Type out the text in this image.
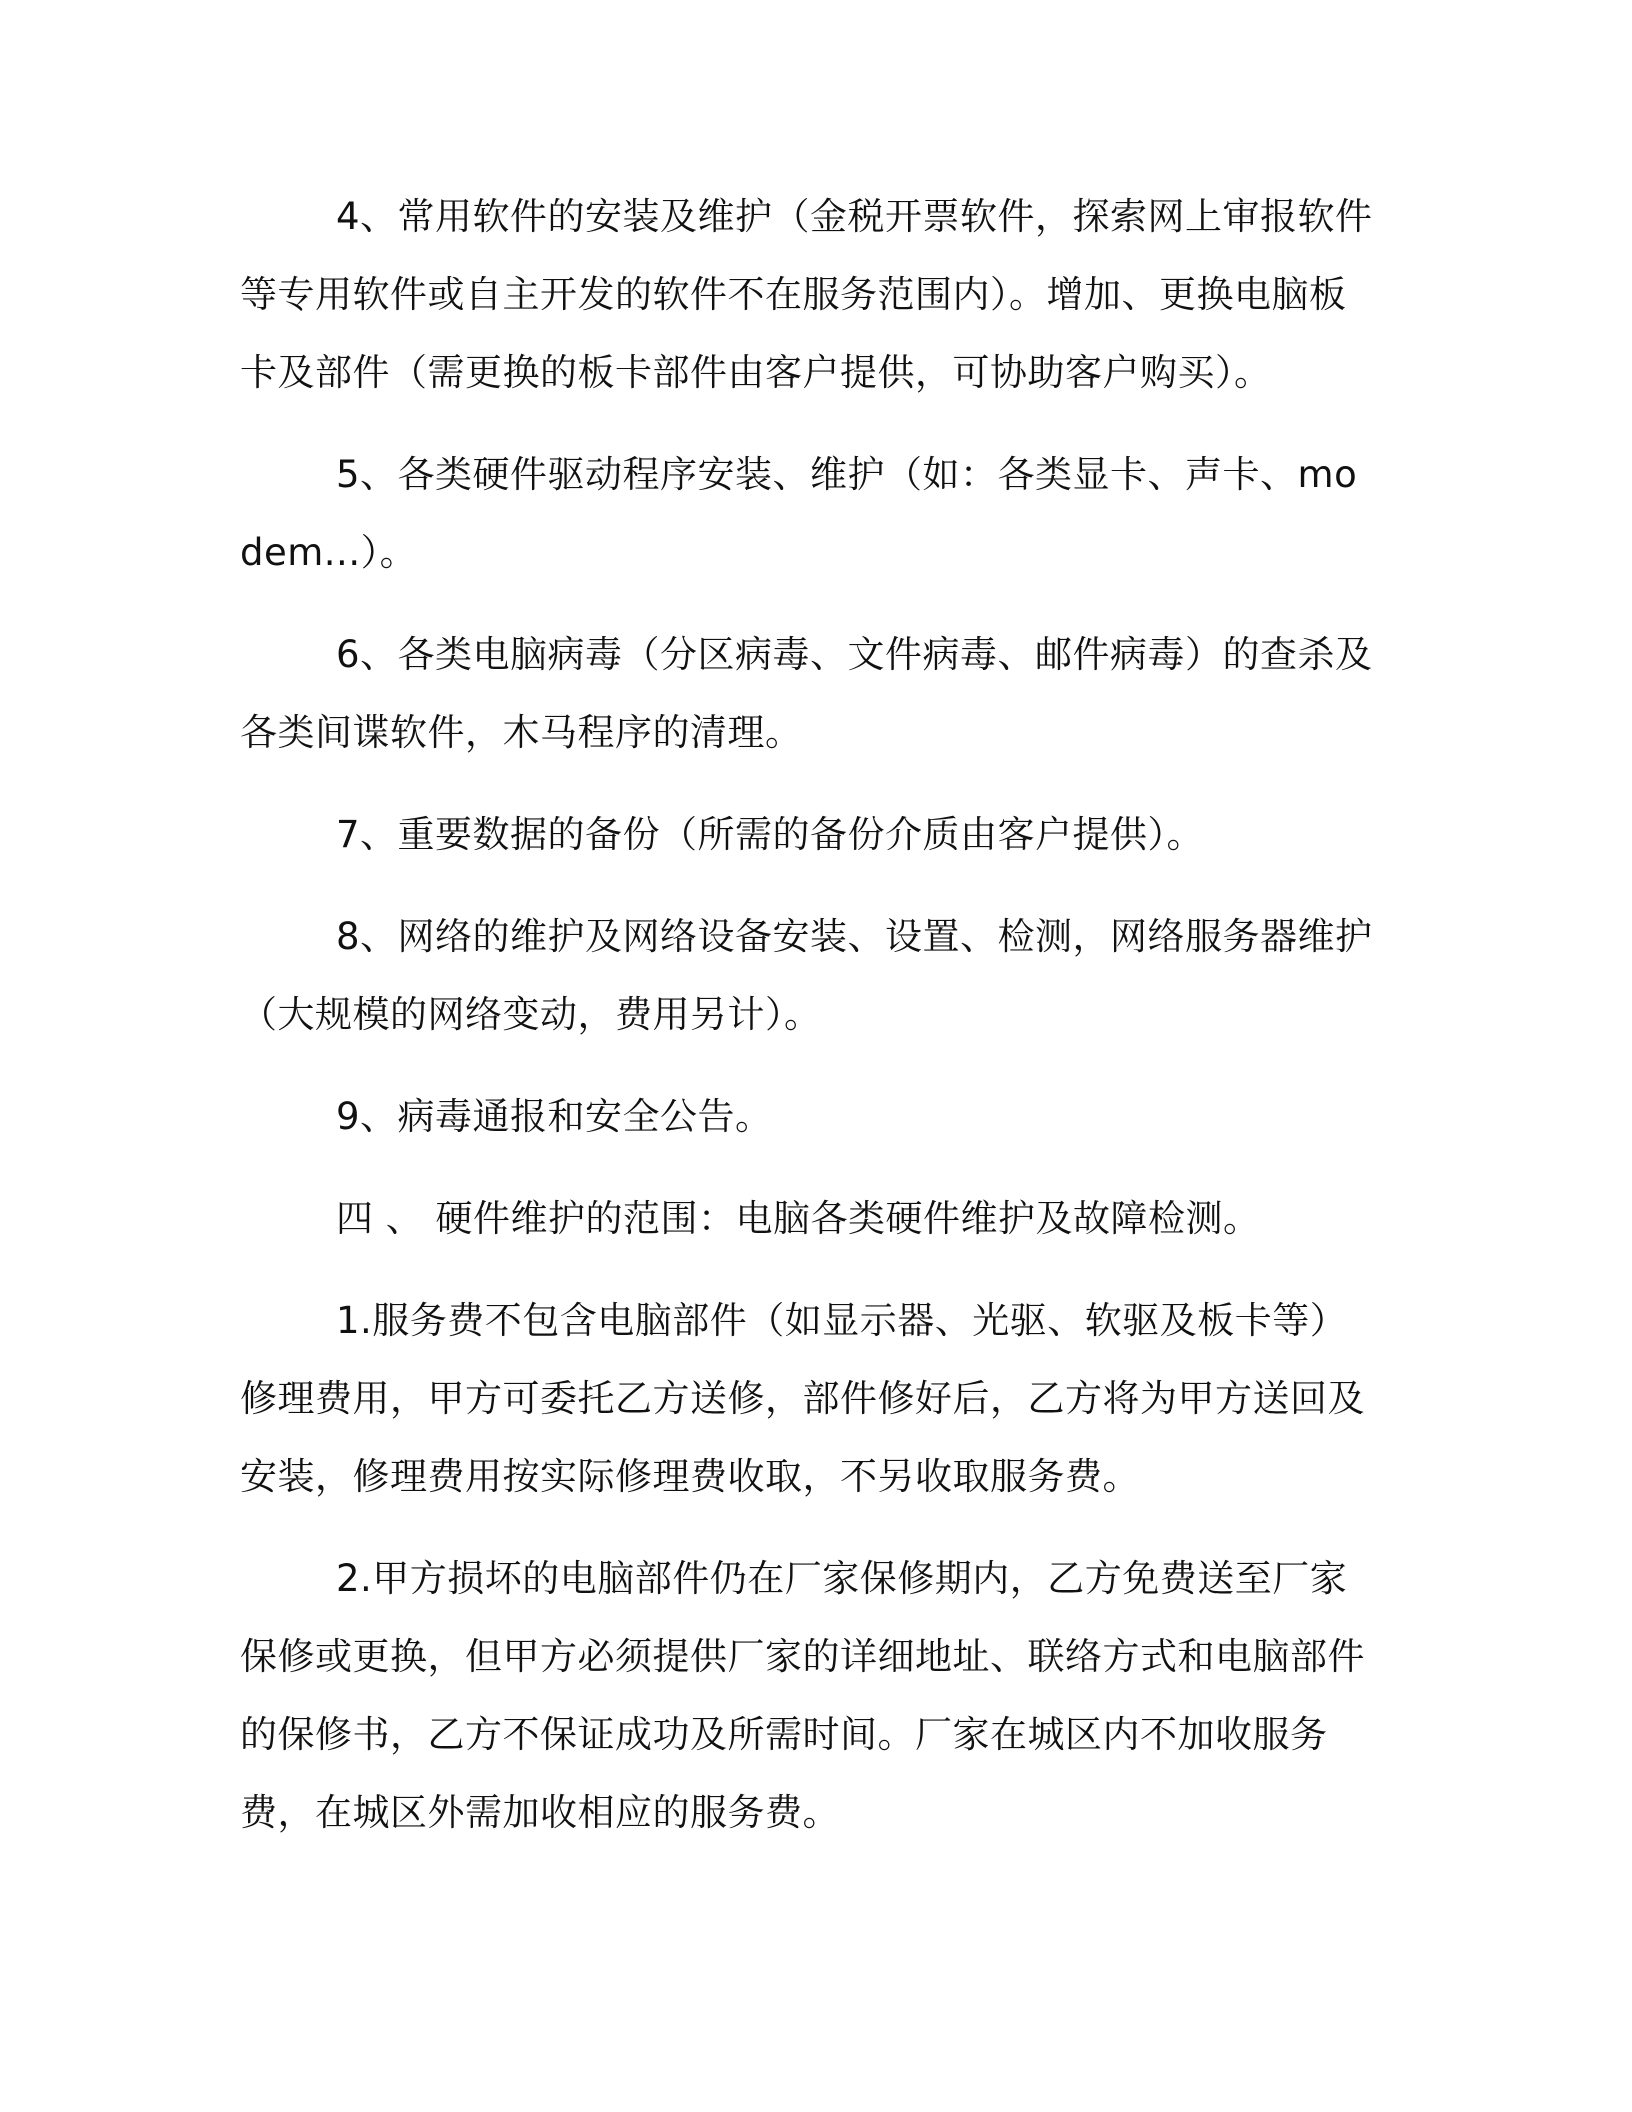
4、常用软件的安装及维护（金税开票软件，探索网上审报软件等专用软件或自主开发的软件不在服务范围内）。增加、更换电脑板卡及部件（需更换的板卡部件由客户提供，可协助客户购买）。

5、各类硬件驱动程序安装、维护（如：各类显卡、声卡、modem...）。

6、各类电脑病毒（分区病毒、文件病毒、邮件病毒）的查杀及各类间谍软件，木马程序的清理。

7、重要数据的备份（所需的备份介质由客户提供）。

8、网络的维护及网络设备安装、设置、检测，网络服务器维护（大规模的网络变动，费用另计）。

9、病毒通报和安全公告。

四 、 硬件维护的范围：电脑各类硬件维护及故障检测。

1.服务费不包含电脑部件（如显示器、光驱、软驱及板卡等）修理费用，甲方可委托乙方送修，部件修好后，乙方将为甲方送回及安装，修理费用按实际修理费收取，不另收取服务费。

2.甲方损坏的电脑部件仍在厂家保修期内，乙方免费送至厂家保修或更换，但甲方必须提供厂家的详细地址、联络方式和电脑部件的保修书，乙方不保证成功及所需时间。厂家在城区内不加收服务费，在城区外需加收相应的服务费。
